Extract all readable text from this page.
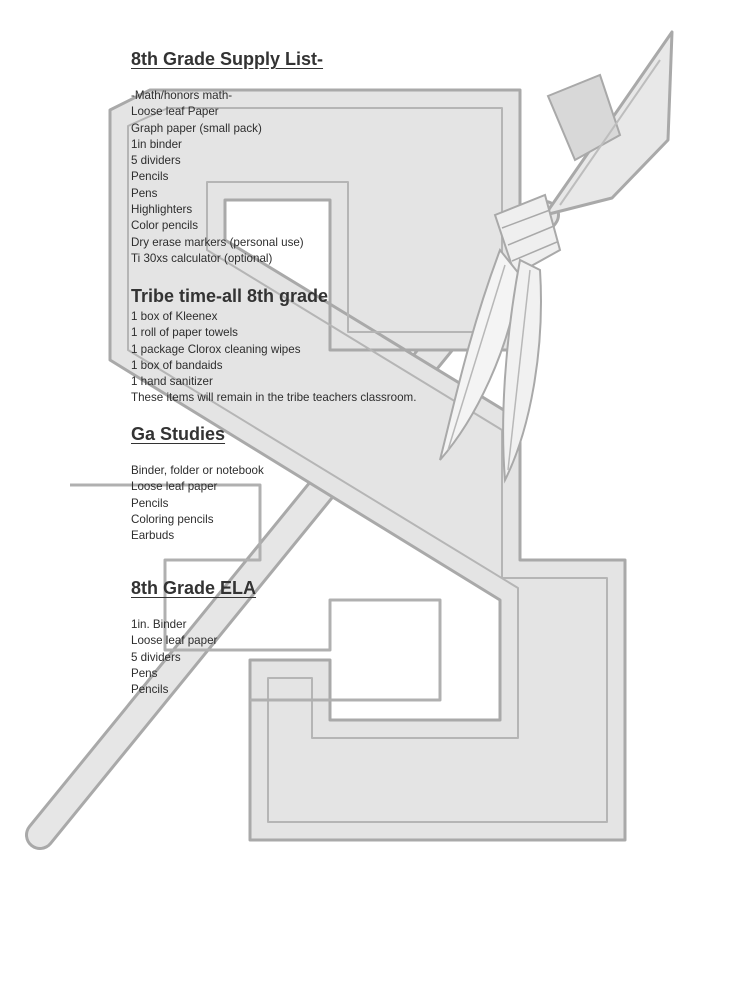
8th Grade Supply List-
-Math/honors math-
Loose leaf Paper
Graph paper (small pack)
1in binder
5 dividers
Pencils
Pens
Highlighters
Color pencils
Dry erase markers (personal use)
Ti 30xs calculator (optional)
Tribe time-all 8th grade
1 box of Kleenex
1 roll of paper towels
1 package Clorox cleaning wipes
1 box of bandaids
1 hand sanitizer
These items will remain in the tribe teachers classroom.
Ga Studies
Binder, folder or notebook
Loose leaf paper
Pencils
Coloring pencils
Earbuds
8th Grade ELA
1in. Binder
Loose leaf paper
5 dividers
Pens
Pencils
